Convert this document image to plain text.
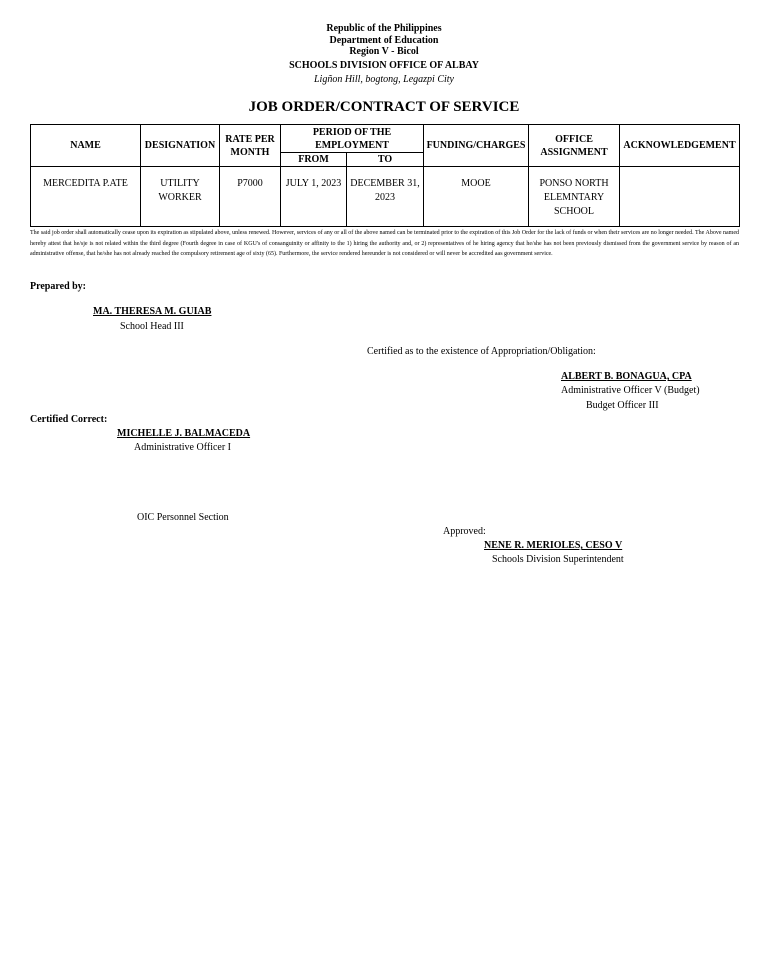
Republic of the Philippines
Department of Education
Region V - Bicol
SCHOOLS DIVISION OFFICE OF ALBAY
Ligñon Hill, bogtong, Legazpi City
JOB ORDER/CONTRACT OF SERVICE
NAME	DESIGNATION	RATE PER MONTH	PERIOD OF THE EMPLOYMENT		FUNDING/CHARGES	OFFICE ASSIGNMENT	ACKNOWLEDGEMENT
			FROM	TO			
MERCEDITA P.ATE	UTILITY WORKER	P7000	JULY 1, 2023	DECEMBER 31, 2023	MOOE	PONSO NORTH ELEMNTARY SCHOOL	
The said job order shall automatically cease upon its expiration as stipulated above, unless renewed. However, services of any or all of the above named can be terminated prior to the expiration of this Job Order for the lack of funds or when their services are no longer needed. The Above named hereby attest that he/sje is not related within the third degree (Fourth degree in case of KGU's of consanguinity or affinity to the 1) hiring the authority and, or 2) representatives of he hiring agency that he/she has not been previously dismissed from the government service by reason of an administrative offense, that he/she has not already reached the compulsory retirement age of sixty (65). Furthermore, the service rendered hereunder is not considered or will never be accredited aas government service.
Prepared by:
MA. THERESA M. GUIAB
School Head III
Certified as to the existence of Appropriation/Obligation:
ALBERT B. BONAGUA, CPA
Administrative Officer V (Budget)
Budget Officer III
Certified Correct:
MICHELLE J. BALMACEDA
Administrative Officer I
OIC Personnel Section
Approved:
NENE R. MERIOLES, CESO V
Schools Division Superintendent
